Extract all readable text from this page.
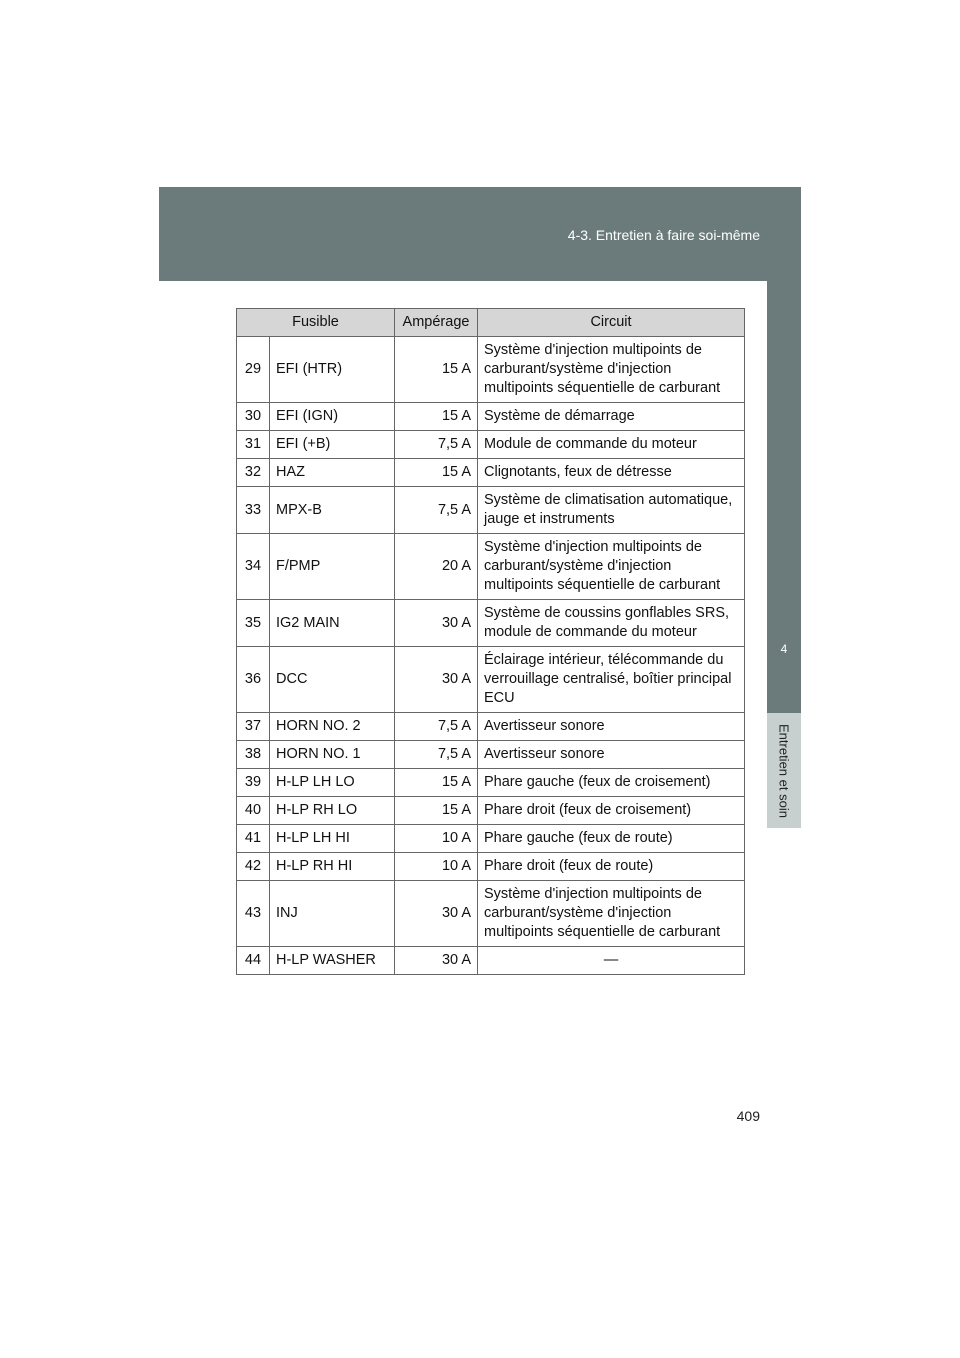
4-3. Entretien à faire soi-même
4
Entretien et soin
Fusible		Ampérage	Circuit
29	EFI (HTR)	15 A	Système d'injection multipoints de carburant/système d'injection multipoints séquentielle de carburant
30	EFI (IGN)	15 A	Système de démarrage
31	EFI (+B)	7,5 A	Module de commande du moteur
32	HAZ	15 A	Clignotants, feux de détresse
33	MPX-B	7,5 A	Système de climatisation automatique, jauge et instruments
34	F/PMP	20 A	Système d'injection multipoints de carburant/système d'injection multipoints séquentielle de carburant
35	IG2 MAIN	30 A	Système de coussins gonflables SRS, module de commande du moteur
36	DCC	30 A	Éclairage intérieur, télécommande du verrouillage centralisé, boîtier principal ECU
37	HORN NO. 2	7,5 A	Avertisseur sonore
38	HORN NO. 1	7,5 A	Avertisseur sonore
39	H-LP LH LO	15 A	Phare gauche (feux de croisement)
40	H-LP RH LO	15 A	Phare droit (feux de croisement)
41	H-LP LH HI	10 A	Phare gauche (feux de route)
42	H-LP RH HI	10 A	Phare droit (feux de route)
43	INJ	30 A	Système d'injection multipoints de carburant/système d'injection multipoints séquentielle de carburant
44	H-LP WASHER	30 A	—
409
